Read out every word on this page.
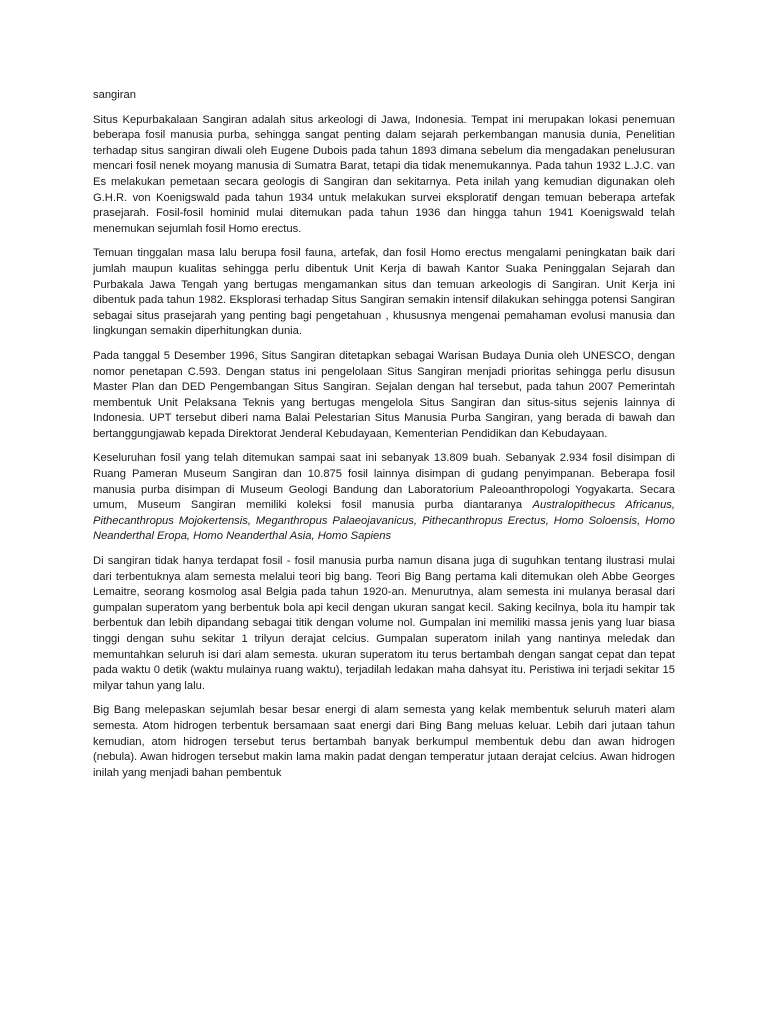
sangiran

Situs Kepurbakalaan Sangiran adalah situs arkeologi di Jawa, Indonesia. Tempat ini merupakan lokasi penemuan beberapa fosil manusia purba, sehingga sangat penting dalam sejarah perkembangan manusia dunia, Penelitian terhadap situs sangiran diwali oleh Eugene Dubois pada tahun 1893 dimana sebelum dia mengadakan penelusuran mencari fosil nenek moyang manusia di Sumatra Barat, tetapi dia tidak menemukannya. Pada tahun 1932 L.J.C. van Es melakukan pemetaan secara geologis di Sangiran dan sekitarnya. Peta inilah yang kemudian digunakan oleh G.H.R. von Koenigswald pada tahun 1934 untuk melakukan survei eksploratif dengan temuan beberapa artefak prasejarah. Fosil-fosil hominid mulai ditemukan pada tahun 1936 dan hingga tahun 1941 Koenigswald telah menemukan sejumlah fosil Homo erectus.

Temuan tinggalan masa lalu berupa fosil fauna, artefak, dan fosil Homo erectus mengalami peningkatan baik dari jumlah maupun kualitas sehingga perlu dibentuk Unit Kerja di bawah Kantor Suaka Peninggalan Sejarah dan Purbakala Jawa Tengah yang bertugas mengamankan situs dan temuan arkeologis di Sangiran. Unit Kerja ini dibentuk pada tahun 1982. Eksplorasi terhadap Situs Sangiran semakin intensif dilakukan sehingga potensi Sangiran sebagai situs prasejarah yang penting bagi pengetahuan , khususnya mengenai pemahaman evolusi manusia dan lingkungan semakin diperhitungkan dunia.

Pada tanggal 5 Desember 1996, Situs Sangiran ditetapkan sebagai Warisan Budaya Dunia oleh UNESCO, dengan nomor penetapan C.593. Dengan status ini pengelolaan Situs Sangiran menjadi prioritas sehingga perlu disusun Master Plan dan DED Pengembangan Situs Sangiran. Sejalan dengan hal tersebut, pada tahun 2007 Pemerintah membentuk Unit Pelaksana Teknis yang bertugas mengelola Situs Sangiran dan situs-situs sejenis lainnya di Indonesia. UPT tersebut diberi nama Balai Pelestarian Situs Manusia Purba Sangiran, yang berada di bawah dan bertanggungjawab kepada Direktorat Jenderal Kebudayaan, Kementerian Pendidikan dan Kebudayaan.

Keseluruhan fosil yang telah ditemukan sampai saat ini sebanyak 13.809 buah. Sebanyak 2.934 fosil disimpan di Ruang Pameran Museum Sangiran dan 10.875 fosil lainnya disimpan di gudang penyimpanan. Beberapa fosil manusia purba disimpan di Museum Geologi Bandung dan Laboratorium Paleoanthropologi Yogyakarta. Secara umum, Museum Sangiran memiliki koleksi fosil manusia purba diantaranya Australopithecus Africanus, Pithecanthropus Mojokertensis, Meganthropus Palaeojavanicus, Pithecanthropus Erectus, Homo Soloensis, Homo Neanderthal Eropa, Homo Neanderthal Asia, Homo Sapiens

Di sangiran tidak hanya terdapat fosil - fosil manusia purba namun disana juga di suguhkan tentang ilustrasi mulai dari terbentuknya alam semesta melalui teori big bang. Teori Big Bang pertama kali ditemukan oleh Abbe Georges Lemaitre, seorang kosmolog asal Belgia pada tahun 1920-an. Menurutnya, alam semesta ini mulanya berasal dari gumpalan superatom yang berbentuk bola api kecil dengan ukuran sangat kecil. Saking kecilnya, bola itu hampir tak berbentuk dan lebih dipandang sebagai titik dengan volume nol. Gumpalan ini memiliki massa jenis yang luar biasa tinggi dengan suhu sekitar 1 trilyun derajat celcius. Gumpalan superatom inilah yang nantinya meledak dan memuntahkan seluruh isi dari alam semesta. ukuran superatom itu terus bertambah dengan sangat cepat dan tepat pada waktu 0 detik (waktu mulainya ruang waktu), terjadilah ledakan maha dahsyat itu. Peristiwa ini terjadi sekitar 15 milyar tahun yang lalu.

Big Bang melepaskan sejumlah besar besar energi di alam semesta yang kelak membentuk seluruh materi alam semesta. Atom hidrogen terbentuk bersamaan saat energi dari Bing Bang meluas keluar. Lebih dari jutaan tahun kemudian, atom hidrogen tersebut terus bertambah banyak berkumpul membentuk debu dan awan hidrogen (nebula). Awan hidrogen tersebut makin lama makin padat dengan temperatur jutaan derajat celcius. Awan hidrogen inilah yang menjadi bahan pembentuk
